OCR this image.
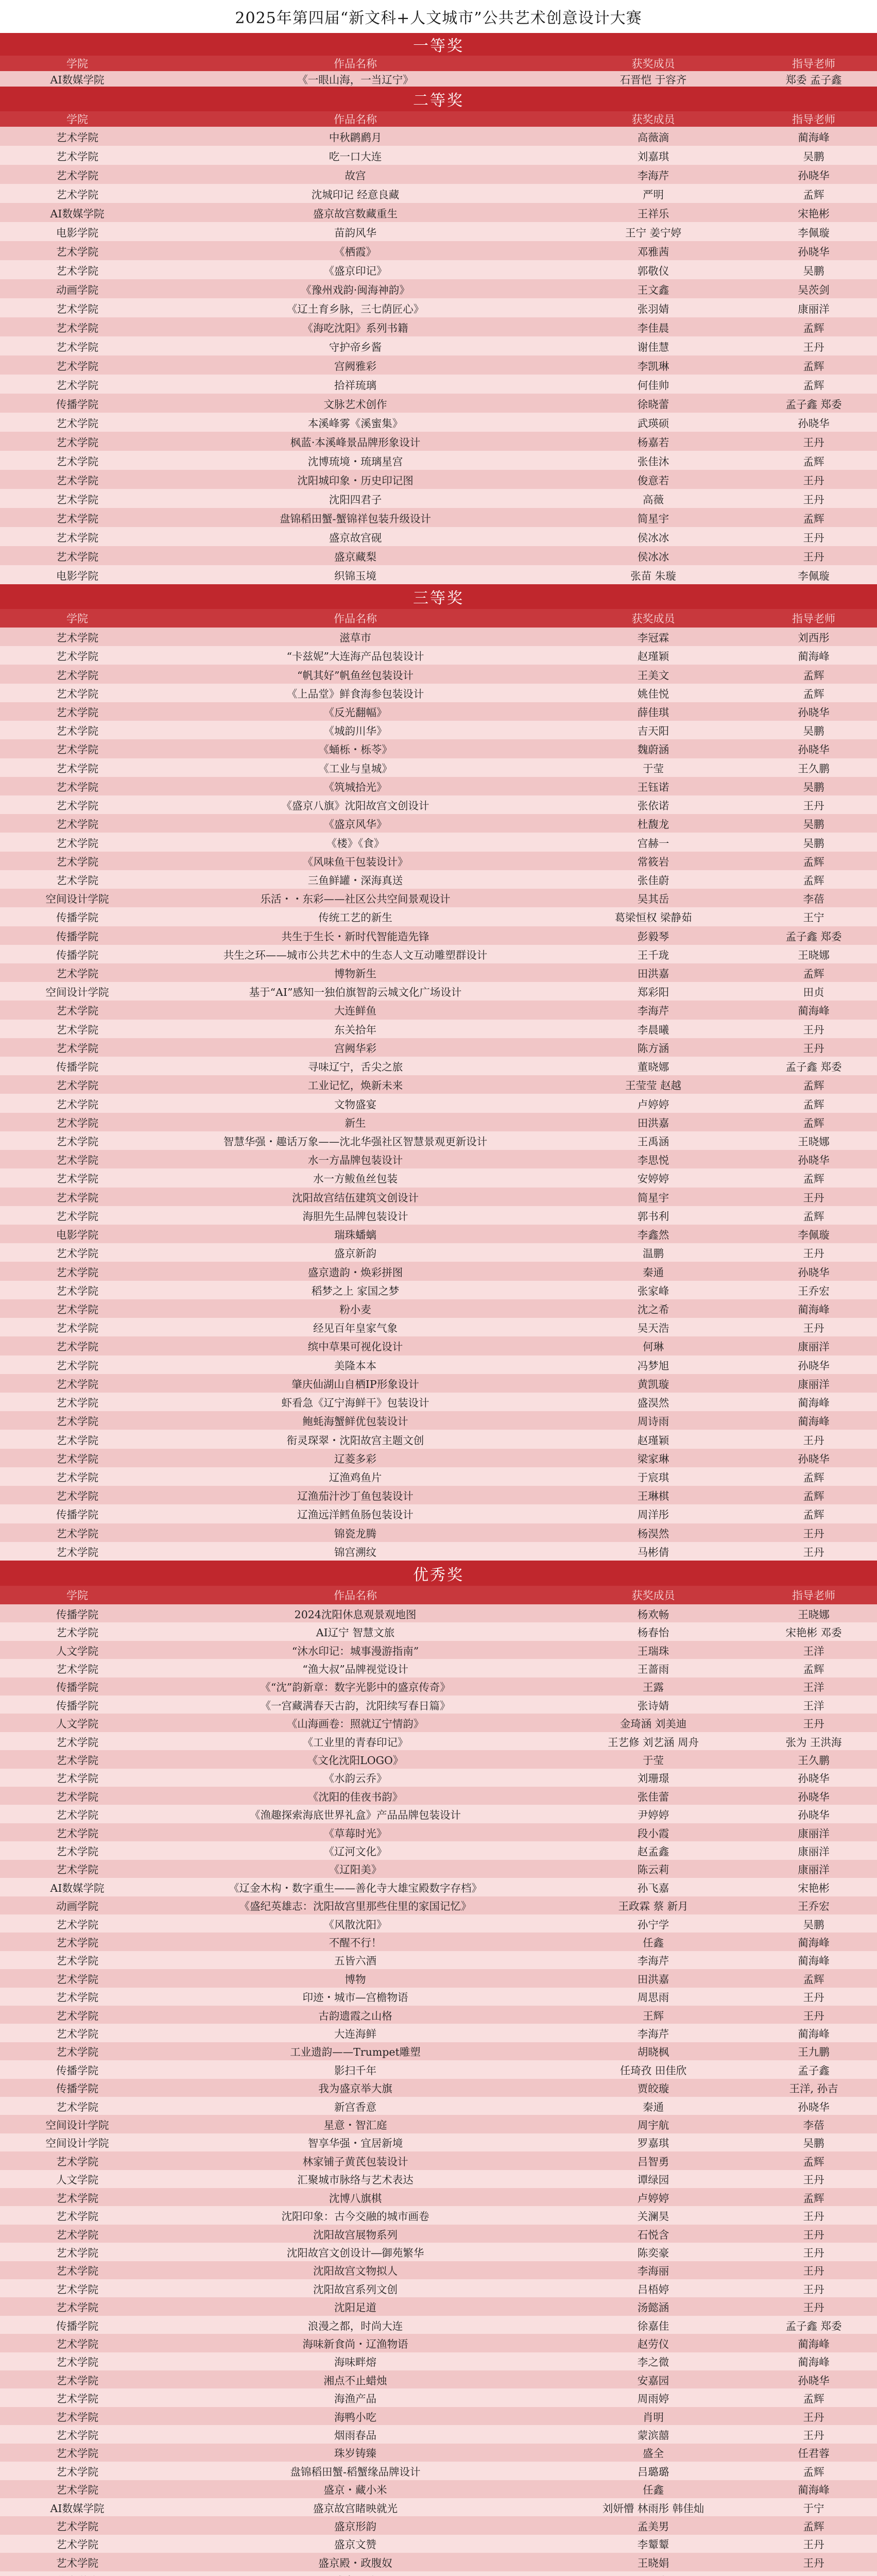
2025年第四届“新文科+人文城市”公共艺术创意设计大赛
一等奖
学院	作品名称	获奖成员	指导老师
AI数媒学院	《一眼山海，一当辽宁》	石晋恺 于容齐	郑委 孟子鑫
二等奖
学院	作品名称	获奖成员	指导老师
艺术学院	中秋䴙䴘月	高薇滴	蔺海峰
艺术学院	吃一口大连	刘嘉琪	吴鹏
艺术学院	故宫	李海芹	孙晓华
艺术学院	沈城印记 经意良藏	严明	孟辉
AI数媒学院	盛京故宫数藏重生	王祥乐	宋艳彬
电影学院	苗韵风华	王宁 姜宁婷	李佩璇
艺术学院	《栖霞》	邓雅茜	孙晓华
艺术学院	《盛京印记》	郭敬仪	吴鹏
动画学院	《豫州戏韵·闽海神韵》	王文鑫	吴茨剑
艺术学院	《辽土育乡脉，三七荫匠心》	张羽婧	康丽洋
艺术学院	《海吃沈阳》系列书籍	李佳晨	孟辉
艺术学院	守护帝乡酱	谢佳慧	王丹
艺术学院	宫阙雅彩	李凯琳	孟辉
艺术学院	拾祥琉璃	何佳帅	孟辉
传播学院	文脉艺术创作	徐晓蕾	孟子鑫 郑委
艺术学院	本溪峰雾《溪蜜集》	武瑛硕	孙晓华
艺术学院	枫蓝·本溪峰景品牌形象设计	杨嘉若	王丹
艺术学院	沈博琉境・琉璃星宫	张佳沐	孟辉
艺术学院	沈阳城印象・历史印记图	俊意若	王丹
艺术学院	沈阳四君子	高薇	王丹
艺术学院	盘锦稻田蟹-蟹锦祥包装升级设计	简星宇	孟辉
艺术学院	盛京故宫砚	侯冰冰	王丹
艺术学院	盛京藏梨	侯冰冰	王丹
电影学院	织锦玉境	张苗 朱璇	李佩璇
三等奖
学院	作品名称	获奖成员	指导老师
艺术学院	滋草市	李冠霖	刘西彤
艺术学院	“卡兹妮”大连海产品包装设计	赵瑾颖	蔺海峰
艺术学院	“帆其好”帆鱼丝包装设计	王美文	孟辉
艺术学院	《上品堂》鲜食海参包装设计	姚佳悦	孟辉
艺术学院	《反光翻幅》	薛佳琪	孙晓华
艺术学院	《城韵川华》	吉天阳	吴鹏
艺术学院	《蛹栎・栎苓》	魏蔚涵	孙晓华
艺术学院	《工业与皇城》	于莹	王久鹏
艺术学院	《筑城拾光》	王钰诺	吴鹏
艺术学院	《盛京八旗》沈阳故宫文创设计	张依诺	王丹
艺术学院	《盛京风华》	杜馥龙	吴鹏
艺术学院	《楼》《食》	宫赫一	吴鹏
艺术学院	《风味鱼干包装设计》	常筱岩	孟辉
艺术学院	三鱼鲜罐・深海真送	张佳蔚	孟辉
空间设计学院	乐活・・东彩——社区公共空间景观设计	吴其岳	李蓓
传播学院	传统工艺的新生	葛梁恒权 梁静茹	王宁
传播学院	共生于生长・新时代智能造先锋	彭毅琴	孟子鑫 郑委
传播学院	共生之环——城市公共艺术中的生态人文互动雕塑群设计	王千珑	王晓娜
艺术学院	博物新生	田洪嘉	孟辉
空间设计学院	基于“AI”感知一独伯旗智韵云城文化广场设计	郑彩阳	田贞
艺术学院	大连鲜鱼	李海芹	蔺海峰
艺术学院	东关拾年	李晨曦	王丹
艺术学院	宫阙华彩	陈方涵	王丹
传播学院	寻味辽宁，舌尖之旅	董晓娜	孟子鑫 郑委
艺术学院	工业记忆，焕新未来	王莹莹 赵越	孟辉
艺术学院	文物盛宴	卢婷婷	孟辉
艺术学院	新生	田洪嘉	孟辉
艺术学院	智慧华强・趣话万象——沈北华强社区智慧景观更新设计	王禹涵	王晓娜
艺术学院	水一方晶牌包装设计	李思悦	孙晓华
艺术学院	水一方鲅鱼丝包装	安婷婷	孟辉
艺术学院	沈阳故宫结伍建筑文创设计	简星宇	王丹
艺术学院	海胆先生品牌包装设计	郭书利	孟辉
电影学院	瑞珠蟠螭	李鑫然	李佩璇
艺术学院	盛京新韵	温鹏	王丹
艺术学院	盛京遗韵・焕彩拼图	秦通	孙晓华
艺术学院	稻梦之上 家国之梦	张家峰	王乔宏
艺术学院	粉小麦	沈之希	蔺海峰
艺术学院	经见百年皇家气象	吴天浩	王丹
艺术学院	缤中草果可视化设计	何琳	康丽洋
艺术学院	美隆本本	冯梦旭	孙晓华
艺术学院	肇庆仙湖山自栖IP形象设计	黄凯璇	康丽洋
艺术学院	虾看急《辽宁海鲜干》包装设计	盛淏然	蔺海峰
艺术学院	鲍蚝海蟹鲜优包装设计	周诗雨	蔺海峰
艺术学院	衔灵琛翠・沈阳故宫主题文创	赵瑾颖	王丹
艺术学院	辽菱多彩	梁家琳	孙晓华
艺术学院	辽渔鸡鱼片	于宸琪	孟辉
艺术学院	辽渔茄汁沙丁鱼包装设计	王琳棋	孟辉
传播学院	辽渔远洋鳕鱼肠包装设计	周洋彤	孟辉
艺术学院	锦瓷龙腾	杨淏然	王丹
艺术学院	锦宫溯纹	马彬倩	王丹
优秀奖
学院	作品名称	获奖成员	指导老师
传播学院	2024沈阳休息观景观地图	杨欢畅	王晓娜
艺术学院	AI辽宁 智慧文旅	杨春怡	宋艳彬 邓委
人文学院	“沐水印记：城事漫游指南”	王瑞珠	王洋
艺术学院	“渔大叔”品牌视觉设计	王蔷雨	孟辉
传播学院	《“沈”韵新章：数字光影中的盛京传奇》	王露	王洋
传播学院	《一宫藏满春天古韵，沈阳续写春日篇》	张诗婧	王洋
人文学院	《山海画卷：照就辽宁情韵》	金琦涵 刘美迪	王丹
艺术学院	《工业里的青春印记》	王艺修 刘艺涵 周舟	张为 王洪海
艺术学院	《文化沈阳LOGO》	于莹	王久鹏
艺术学院	《水韵云乔》	刘珊璟	孙晓华
艺术学院	《沈阳的佳夜书韵》	张佳蕾	孙晓华
艺术学院	《渔趣探索海底世界礼盒》产品品牌包装设计	尹婷婷	孙晓华
艺术学院	《草莓时光》	段小霞	康丽洋
艺术学院	《辽河文化》	赵孟鑫	康丽洋
艺术学院	《辽阳美》	陈云莉	康丽洋
AI数媒学院	《辽金木构・数字重生——善化寺大雄宝殿数字存档》	孙飞嘉	宋艳彬
动画学院	《盛纪英雄志：沈阳故宫里那些住里的家国记忆》	王政霖 蔡 新月	王乔宏
艺术学院	《风散沈阳》	孙宁学	吴鹏
艺术学院	不醒不行！	任鑫	蔺海峰
艺术学院	五皆六酒	李海芹	蔺海峰
艺术学院	博物	田洪嘉	孟辉
艺术学院	印迹・城市—宫檐物语	周思雨	王丹
艺术学院	古韵遗霞之山格	王辉	王丹
艺术学院	大连海鲜	李海芹	蔺海峰
艺术学院	工业遗韵——Trumpet雕塑	胡晓枫	王九鹏
传播学院	影扫千年	任琦孜 田佳欣	孟子鑫
传播学院	我为盛京举大旗	贾皎璇	王洋, 孙吉
艺术学院	新宫香意	秦通	孙晓华
空间设计学院	星意・智汇庭	周宇航	李蓓
空间设计学院	智享华强・宜居新境	罗嘉琪	吴鹏
艺术学院	林家铺子黄芪包装设计	吕智勇	孟辉
人文学院	汇聚城市脉络与艺术表达	谭绿园	王丹
艺术学院	沈博八旗棋	卢婷婷	孟辉
艺术学院	沈阳印象：古今交融的城市画卷	关澜昊	王丹
艺术学院	沈阳故宫展物系列	石悦含	王丹
艺术学院	沈阳故宫文创设计―御苑繁华	陈奕豪	王丹
艺术学院	沈阳故宫文物拟人	李海丽	王丹
艺术学院	沈阳故宫系列文创	吕梧婷	王丹
艺术学院	沈阳足道	汤懿涵	王丹
传播学院	浪漫之都，时尚大连	徐嘉佳	孟子鑫 郑委
艺术学院	海味新食尚・辽渔物语	赵劳仪	蔺海峰
艺术学院	海味畔熔	李之微	蔺海峰
艺术学院	湘点不止蜡烛	安嘉园	孙晓华
艺术学院	海渔产品	周雨婷	孟辉
艺术学院	海鸭小吃	肖明	王丹
艺术学院	烟雨春品	蒙滨囍	王丹
艺术学院	珠岁铸臻	盛全	任君蓉
艺术学院	盘锦稻田蟹-稻蟹缘品牌设计	吕璐璐	孟辉
艺术学院	盛京・藏小米	任鑫	蔺海峰
AI数媒学院	盛京故宫睹映就光	刘妍懵 林雨彤 韩佳灿	于宁
艺术学院	盛京形韵	孟美男	孟辉
艺术学院	盛京文赞	李颦颦	王丹
艺术学院	盛京殿・政腹奴	王晓娟	王丹
